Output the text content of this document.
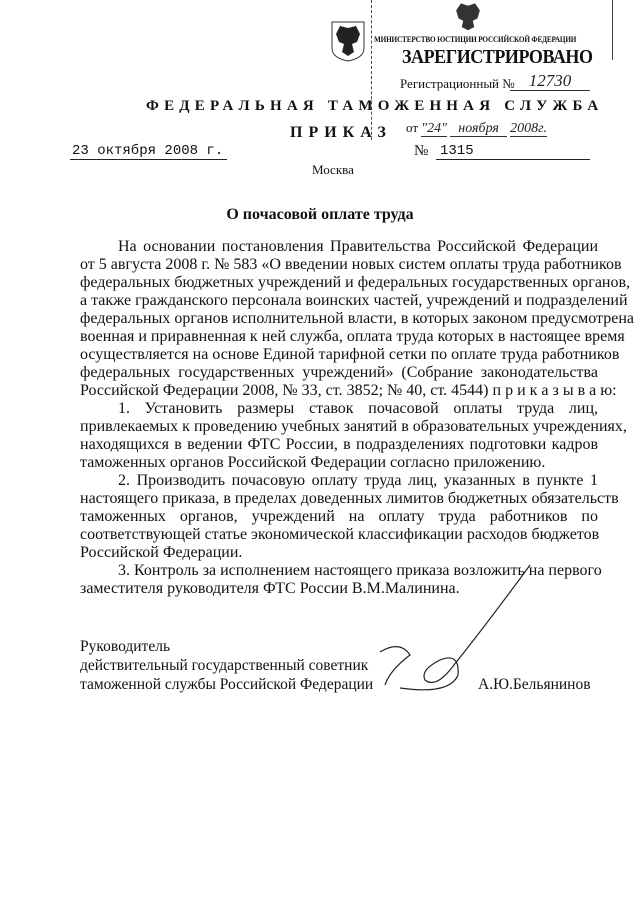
МИНИСТЕРСТВО ЮСТИЦИИ РОССИЙСКОЙ ФЕДЕРАЦИИ
ЗАРЕГИСТРИРОВАНО
Регистрационный № 12730
от "24" ноября 2008г.
ФЕДЕРАЛЬНАЯ ТАМОЖЕННАЯ СЛУЖБА
ПРИКАЗ
23 октября 2008 г.	№ 1315
Москва
О почасовой оплате труда
На основании постановления Правительства Российской Федерации
от 5 августа 2008 г. № 583 «О введении новых систем оплаты труда работников
федеральных бюджетных учреждений и федеральных государственных органов,
а также гражданского персонала воинских частей, учреждений и подразделений
федеральных органов исполнительной власти, в которых законом предусмотрена
военная и приравненная к ней служба, оплата труда которых в настоящее время
осуществляется на основе Единой тарифной сетки по оплате труда работников
федеральных государственных учреждений» (Собрание законодательства
Российской Федерации 2008, № 33, ст. 3852; № 40, ст. 4544) п р и к а з ы в а ю:
1. Установить размеры ставок почасовой оплаты труда лиц,
привлекаемых к проведению учебных занятий в образовательных учреждениях,
находящихся в ведении ФТС России, в подразделениях подготовки кадров
таможенных органов Российской Федерации согласно приложению.
2. Производить почасовую оплату труда лиц, указанных в пункте 1
настоящего приказа, в пределах доведенных лимитов бюджетных обязательств
таможенных органов, учреждений на оплату труда работников по
соответствующей статье экономической классификации расходов бюджетов
Российской Федерации.
3. Контроль за исполнением настоящего приказа возложить на первого
заместителя руководителя ФТС России В.М.Малинина.
Руководитель
действительный государственный советник
таможенной службы Российской Федерации	А.Ю.Бельянинов
